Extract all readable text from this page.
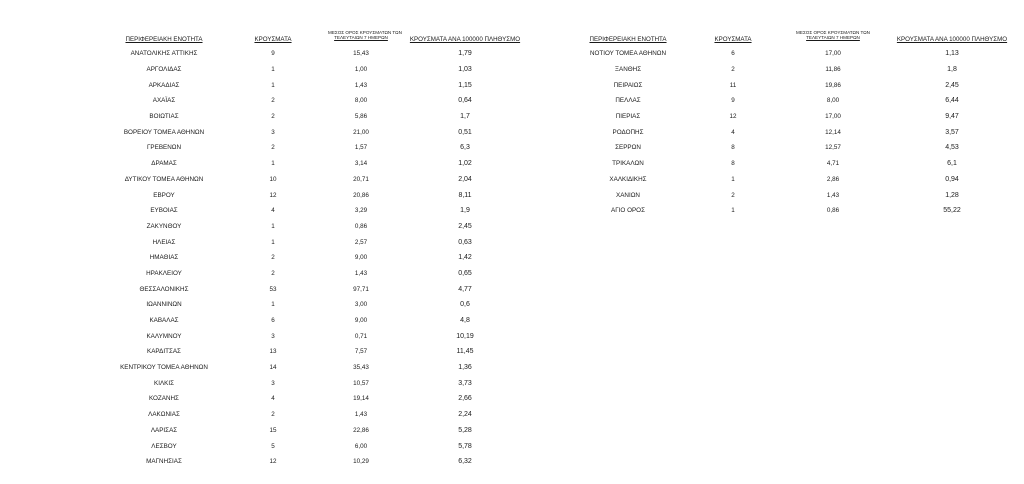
ΠΕΡΙΦΕΡΕΙΑΚΗ ΕΝΟΤΗΤΑ	ΚΡΟΥΣΜΑΤΑ
ΜΕΣΟΣ ΟΡΟΣ ΚΡΟΥΣΜΑΤΩΝ ΤΩΝ
ΤΕΛΕΥΤΑΙΩΝ 7 ΗΜΕΡΩΝ	ΚΡΟΥΣΜΑΤΑ ΑΝΑ 100000 ΠΛΗΘΥΣΜΟ
ΑΝΑΤΟΛΙΚΗΣ ΑΤΤΙΚΗΣ	9	15,43	1,79
ΑΡΓΟΛΙΔΑΣ	1	1,00	1,03
ΑΡΚΑΔΙΑΣ	1	1,43	1,15
ΑΧΑΪΑΣ	2	8,00	0,64
ΒΟΙΩΤΙΑΣ	2	5,86	1,7
ΒΟΡΕΙΟΥ ΤΟΜΕΑ ΑΘΗΝΩΝ	3	21,00	0,51
ΓΡΕΒΕΝΩΝ	2	1,57	6,3
ΔΡΑΜΑΣ	1	3,14	1,02
ΔΥΤΙΚΟΥ ΤΟΜΕΑ ΑΘΗΝΩΝ	10	20,71	2,04
ΕΒΡΟΥ	12	20,86	8,11
ΕΥΒΟΙΑΣ	4	3,29	1,9
ΖΑΚΥΝΘΟΥ	1	0,86	2,45
ΗΛΕΙΑΣ	1	2,57	0,63
ΗΜΑΘΙΑΣ	2	9,00	1,42
ΗΡΑΚΛΕΙΟΥ	2	1,43	0,65
ΘΕΣΣΑΛΟΝΙΚΗΣ	53	97,71	4,77
ΙΩΑΝΝΙΝΩΝ	1	3,00	0,6
ΚΑΒΑΛΑΣ	6	9,00	4,8
ΚΑΛΥΜΝΟΥ	3	0,71	10,19
ΚΑΡΔΙΤΣΑΣ	13	7,57	11,45
ΚΕΝΤΡΙΚΟΥ ΤΟΜΕΑ ΑΘΗΝΩΝ	14	35,43	1,36
ΚΙΛΚΙΣ	3	10,57	3,73
ΚΟΖΑΝΗΣ	4	19,14	2,66
ΛΑΚΩΝΙΑΣ	2	1,43	2,24
ΛΑΡΙΣΑΣ	15	22,86	5,28
ΛΕΣΒΟΥ	5	6,00	5,78
ΜΑΓΝΗΣΙΑΣ	12	10,29	6,32
ΠΕΡΙΦΕΡΕΙΑΚΗ ΕΝΟΤΗΤΑ	ΚΡΟΥΣΜΑΤΑ
ΜΕΣΟΣ ΟΡΟΣ ΚΡΟΥΣΜΑΤΩΝ ΤΩΝ
ΤΕΛΕΥΤΑΙΩΝ 7 ΗΜΕΡΩΝ	ΚΡΟΥΣΜΑΤΑ ΑΝΑ 100000 ΠΛΗΘΥΣΜΟ
ΝΟΤΙΟΥ ΤΟΜΕΑ ΑΘΗΝΩΝ	6	17,00	1,13
ΞΑΝΘΗΣ	2	11,86	1,8
ΠΕΙΡΑΙΩΣ	11	19,86	2,45
ΠΕΛΛΑΣ	9	8,00	6,44
ΠΙΕΡΙΑΣ	12	17,00	9,47
ΡΟΔΟΠΗΣ	4	12,14	3,57
ΣΕΡΡΩΝ	8	12,57	4,53
ΤΡΙΚΑΛΩΝ	8	4,71	6,1
ΧΑΛΚΙΔΙΚΗΣ	1	2,86	0,94
ΧΑΝΙΩΝ	2	1,43	1,28
ΑΓΙΟ ΟΡΟΣ	1	0,86	55,22
